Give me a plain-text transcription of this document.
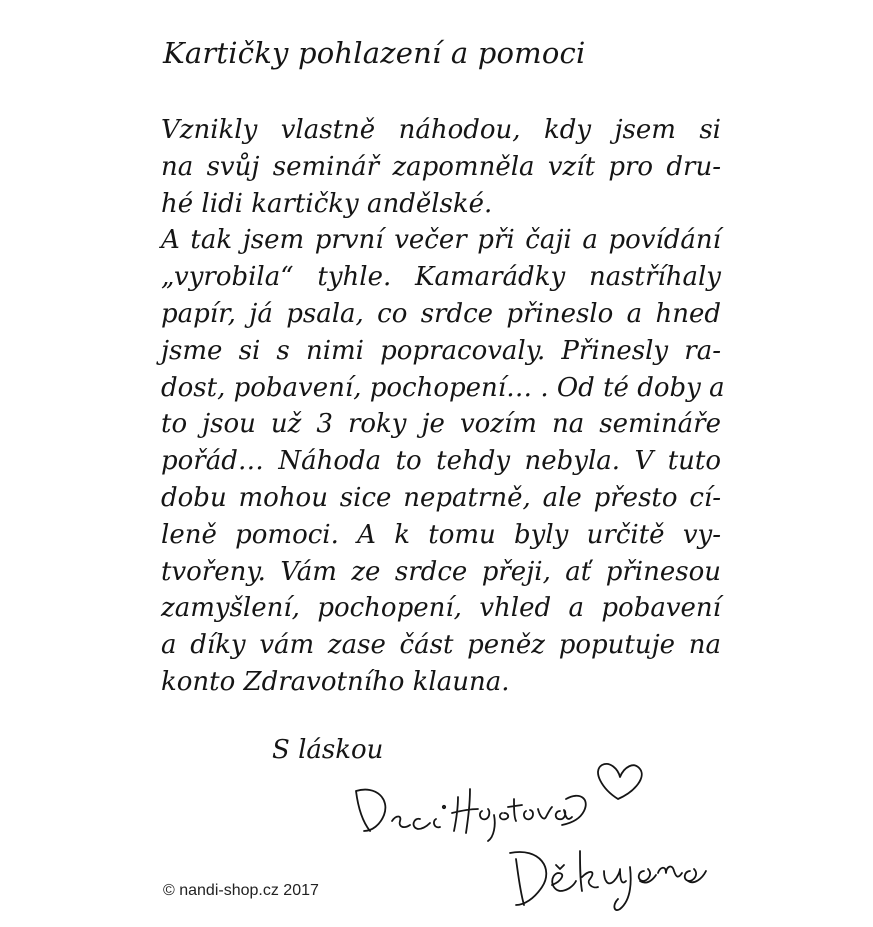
Kartičky pohlazení a pomoci
Vznikly vlastně náhodou, kdy jsem si
na svůj seminář zapomněla vzít pro dru-
hé lidi kartičky andělské.
A tak jsem první večer při čaji a povídání
„vyrobila“ tyhle. Kamarádky nastříhaly
papír, já psala, co srdce přineslo a hned
jsme si s nimi popracovaly. Přinesly ra-
dost, pobavení, pochopení… . Od té doby a
to jsou už 3 roky je vozím na semináře
pořád… Náhoda to tehdy nebyla. V tuto
dobu mohou sice nepatrně, ale přesto cí-
leně pomoci. A k tomu byly určitě vy-
tvořeny. Vám ze srdce přeji, ať přinesou
zamyšlení, pochopení, vhled a pobavení
a díky vám zase část peněz poputuje na
konto Zdravotního klauna.
S láskou
© nandi-shop.cz 2017
